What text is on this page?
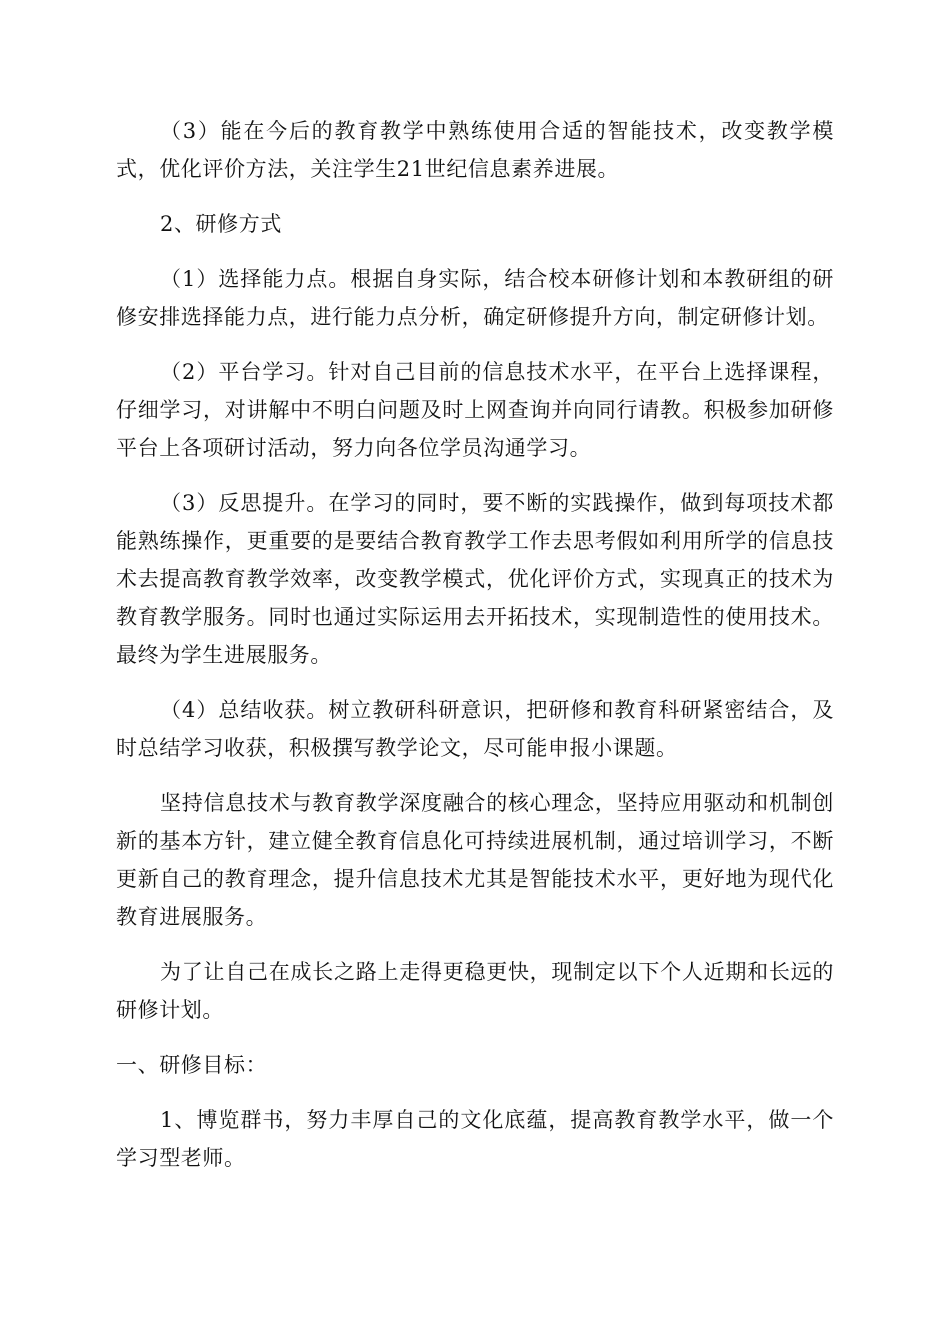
（3）能在今后的教育教学中熟练使用合适的智能技术，改变教学模式，优化评价方法，关注学生21世纪信息素养进展。

2、研修方式

（1）选择能力点。根据自身实际，结合校本研修计划和本教研组的研修安排选择能力点，进行能力点分析，确定研修提升方向，制定研修计划。

（2）平台学习。针对自己目前的信息技术水平，在平台上选择课程，仔细学习，对讲解中不明白问题及时上网查询并向同行请教。积极参加研修平台上各项研讨活动，努力向各位学员沟通学习。

（3）反思提升。在学习的同时，要不断的实践操作，做到每项技术都能熟练操作，更重要的是要结合教育教学工作去思考假如利用所学的信息技术去提高教育教学效率，改变教学模式，优化评价方式，实现真正的技术为教育教学服务。同时也通过实际运用去开拓技术，实现制造性的使用技术。最终为学生进展服务。

（4）总结收获。树立教研科研意识，把研修和教育科研紧密结合，及时总结学习收获，积极撰写教学论文，尽可能申报小课题。

坚持信息技术与教育教学深度融合的核心理念，坚持应用驱动和机制创新的基本方针，建立健全教育信息化可持续进展机制，通过培训学习，不断更新自己的教育理念，提升信息技术尤其是智能技术水平，更好地为现代化教育进展服务。

为了让自己在成长之路上走得更稳更快，现制定以下个人近期和长远的研修计划。

一、研修目标：

1、博览群书，努力丰厚自己的文化底蕴，提高教育教学水平，做一个学习型老师。
